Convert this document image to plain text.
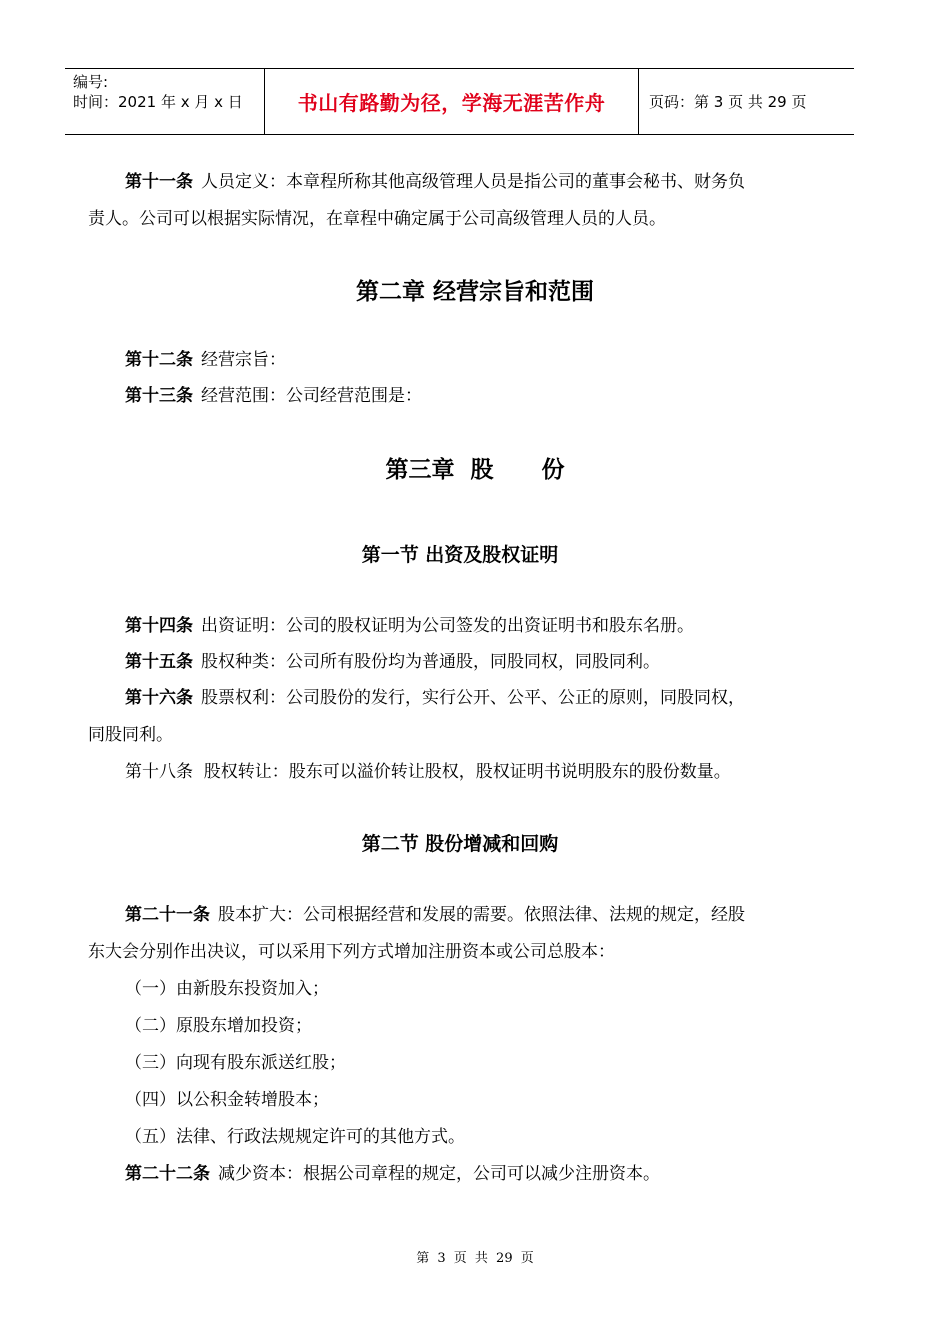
编号:
时间：2021 年 x 月 x 日	书山有路勤为径，学海无涯苦作舟	页码：第 3 页 共 29 页
第十一条 人员定义：本章程所称其他高级管理人员是指公司的董事会秘书、财务负
责人。公司可以根据实际情况，在章程中确定属于公司高级管理人员的人员。
第二章 经营宗旨和范围
第十二条 经营宗旨：
第十三条 经营范围：公司经营范围是：
第三章  股      份
第一节 出资及股权证明
第十四条 出资证明：公司的股权证明为公司签发的出资证明书和股东名册。
第十五条 股权种类：公司所有股份均为普通股，同股同权，同股同利。
第十六条 股票权利：公司股份的发行，实行公开、公平、公正的原则，同股同权，
同股同利。
第十八条  股权转让：股东可以溢价转让股权，股权证明书说明股东的股份数量。
第二节 股份增减和回购
第二十一条 股本扩大：公司根据经营和发展的需要。依照法律、法规的规定，经股
东大会分别作出决议，可以采用下列方式增加注册资本或公司总股本：
（一）由新股东投资加入；
（二）原股东增加投资；
（三）向现有股东派送红股；
（四）以公积金转增股本；
（五）法律、行政法规规定许可的其他方式。
第二十二条 减少资本：根据公司章程的规定，公司可以减少注册资本。
第 3 页 共 29 页
